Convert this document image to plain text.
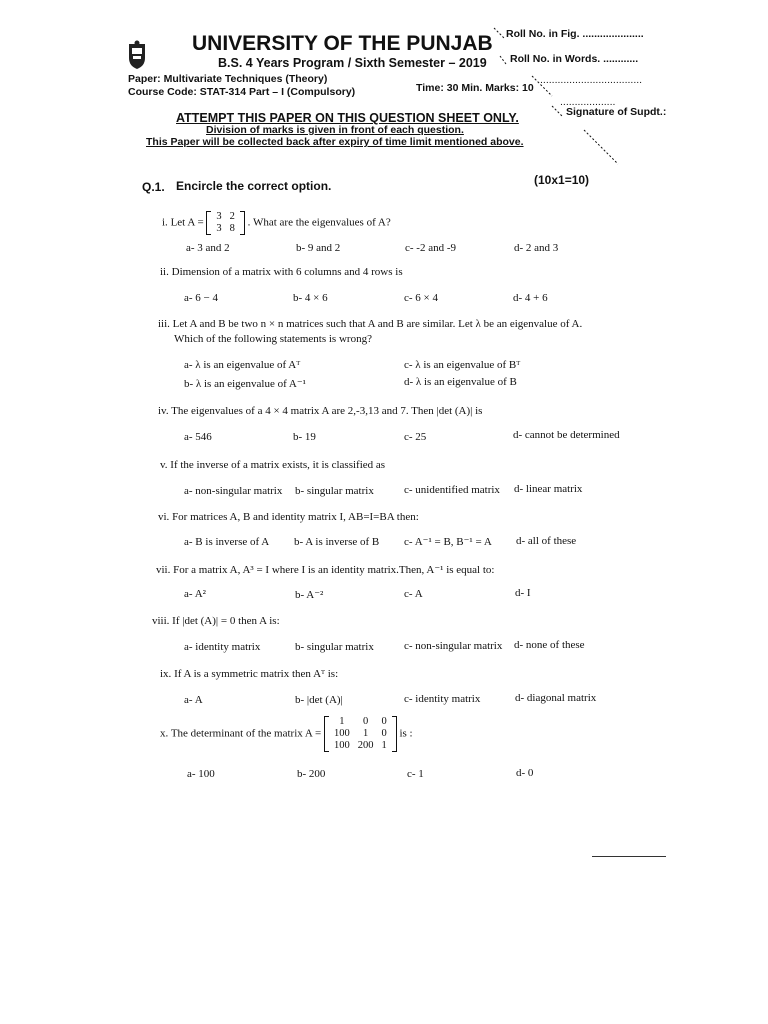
UNIVERSITY OF THE PUNJAB
B.S. 4 Years Program / Sixth Semester – 2019
Paper: Multivariate Techniques (Theory)
Course Code: STAT-314 Part – I (Compulsory)	Time: 30 Min. Marks: 10
Roll No. in Fig. .....................
Roll No. in Words. ............
...................................
...................
Signature of Supdt.:
ATTEMPT THIS PAPER ON THIS QUESTION SHEET ONLY.
Division of marks is given in front of each question.
This Paper will be collected back after expiry of time limit mentioned above.
Q.1. Encircle the correct option.	(10x1=10)
i. Let A =
3	2
3	8 . What are the eigenvalues of A?
a- 3 and 2	b- 9 and 2	c- -2 and -9	d- 2 and 3
ii. Dimension of a matrix with 6 columns and 4 rows is
a- 6 − 4	b- 4 × 6	c- 6 × 4	d- 4 + 6
iii. Let A and B be two n × n matrices such that A and B are similar. Let λ be an eigenvalue of A.
Which of the following statements is wrong?
a- λ is an eigenvalue of Aᵀ	c- λ is an eigenvalue of Bᵀ
b- λ is an eigenvalue of A⁻¹	d- λ is an eigenvalue of B
iv. The eigenvalues of a 4 × 4 matrix A are 2,-3,13 and 7. Then |det (A)| is
a- 546	b- 19	c- 25	d- cannot be determined
v. If the inverse of a matrix exists, it is classified as
a- non-singular matrix b- singular matrix	c- unidentified matrix d- linear matrix
vi. For matrices A, B and identity matrix I, AB=I=BA then:
a- B is inverse of A b- A is inverse of B c- A⁻¹ = B, B⁻¹ = A d- all of these
vii. For a matrix A, A³ = I where I is an identity matrix.Then, A⁻¹ is equal to:
a- A²	b- A⁻²	c- A	d- I
viii. If |det (A)| = 0 then A is:
a- identity matrix	b- singular matrix	c- non-singular matrix d- none of these
ix. If A is a symmetric matrix then Aᵀ is:
a- A	b- |det (A)|	c- identity matrix	d- diagonal matrix
x. The determinant of the matrix A =
1	0	0
100	1	0
100	200	1
is :
a- 100	b- 200	c- 1	d- 0
